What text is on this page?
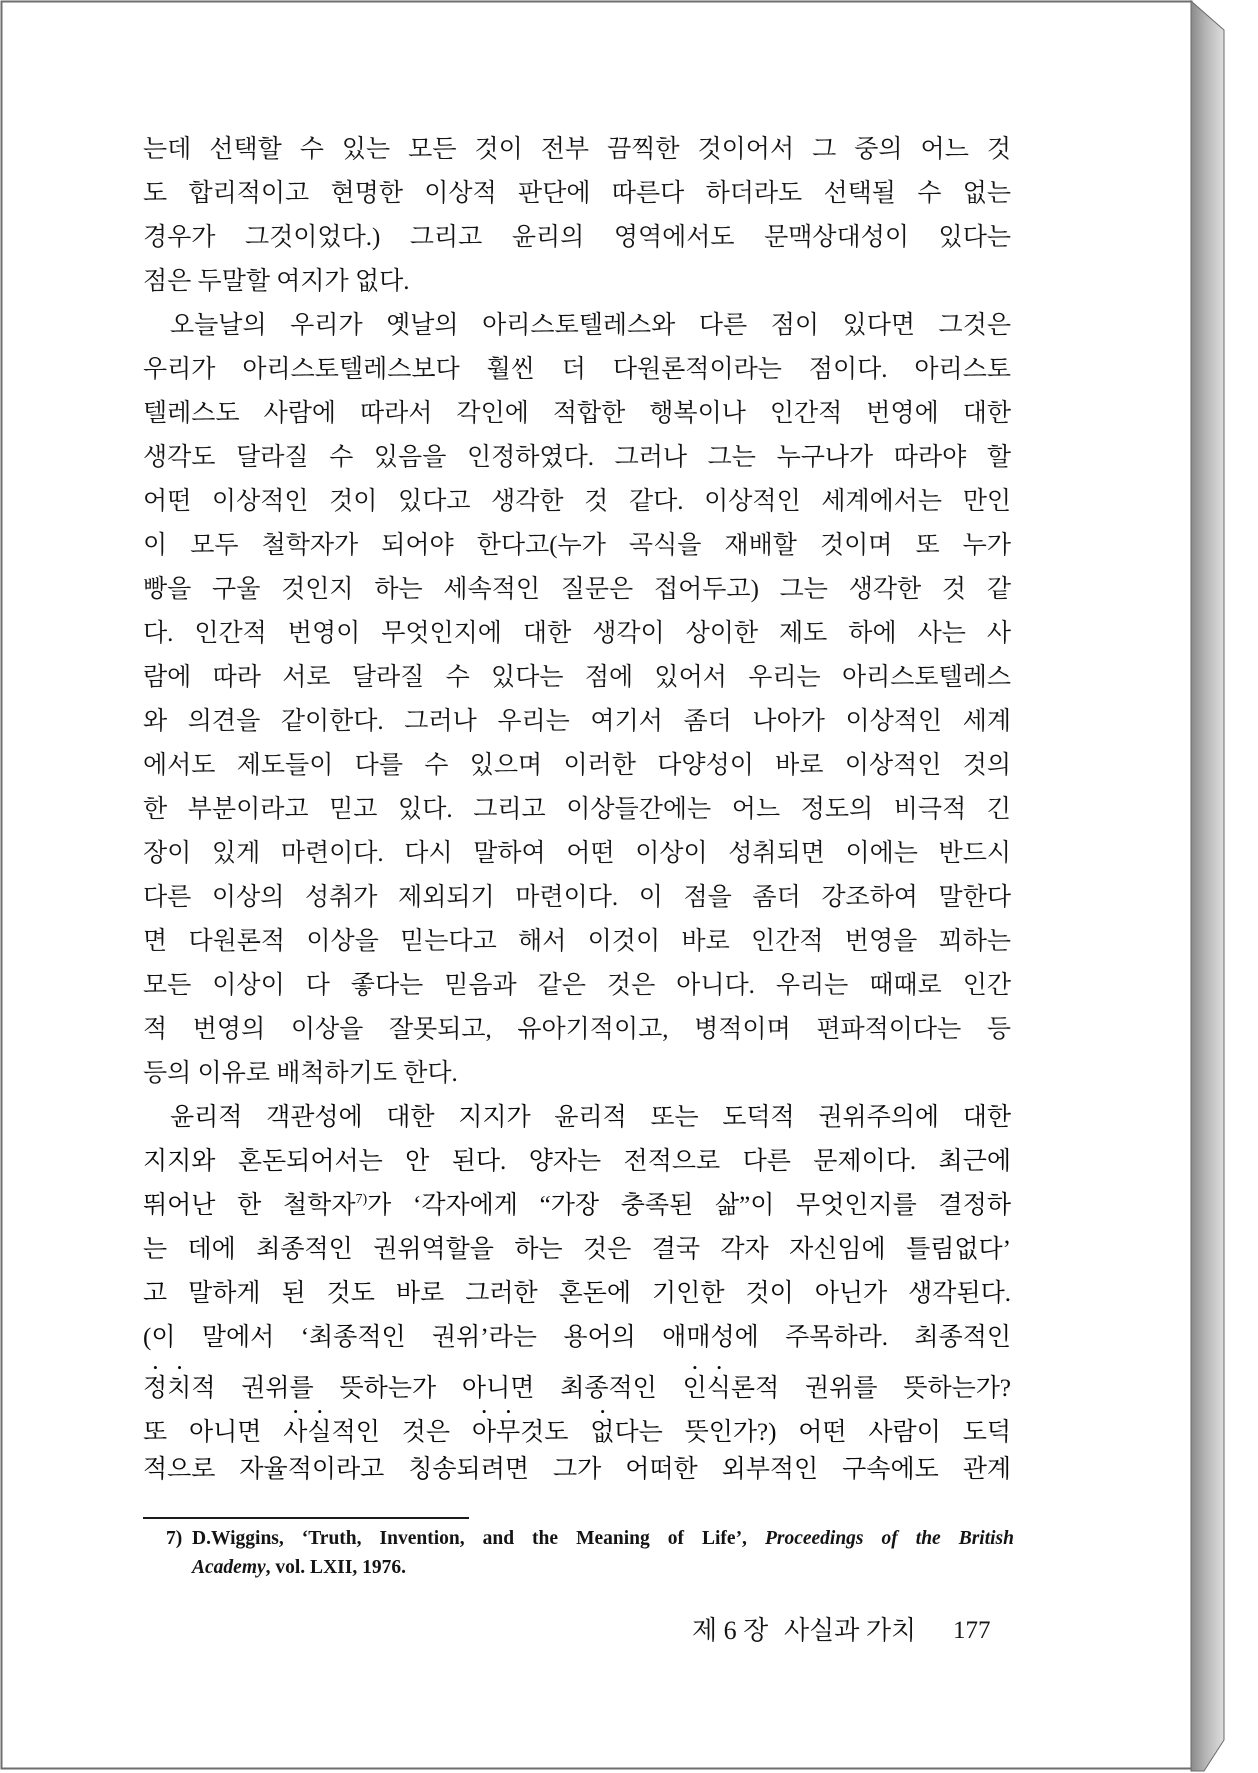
는데 선택할 수 있는 모든 것이 전부 끔찍한 것이어서 그 중의 어느 것
도 합리적이고 현명한 이상적 판단에 따른다 하더라도 선택될 수 없는
경우가 그것이었다.) 그리고 윤리의 영역에서도 문맥상대성이 있다는
점은 두말할 여지가 없다.
오늘날의 우리가 옛날의 아리스토텔레스와 다른 점이 있다면 그것은
우리가 아리스토텔레스보다 훨씬 더 다원론적이라는 점이다. 아리스토
텔레스도 사람에 따라서 각인에 적합한 행복이나 인간적 번영에 대한
생각도 달라질 수 있음을 인정하였다. 그러나 그는 누구나가 따라야 할
어떤 이상적인 것이 있다고 생각한 것 같다. 이상적인 세계에서는 만인
이 모두 철학자가 되어야 한다고(누가 곡식을 재배할 것이며 또 누가
빵을 구울 것인지 하는 세속적인 질문은 접어두고) 그는 생각한 것 같
다. 인간적 번영이 무엇인지에 대한 생각이 상이한 제도 하에 사는 사
람에 따라 서로 달라질 수 있다는 점에 있어서 우리는 아리스토텔레스
와 의견을 같이한다. 그러나 우리는 여기서 좀더 나아가 이상적인 세계
에서도 제도들이 다를 수 있으며 이러한 다양성이 바로 이상적인 것의
한 부분이라고 믿고 있다. 그리고 이상들간에는 어느 정도의 비극적 긴
장이 있게 마련이다. 다시 말하여 어떤 이상이 성취되면 이에는 반드시
다른 이상의 성취가 제외되기 마련이다. 이 점을 좀더 강조하여 말한다
면 다원론적 이상을 믿는다고 해서 이것이 바로 인간적 번영을 꾀하는
모든 이상이 다 좋다는 믿음과 같은 것은 아니다. 우리는 때때로 인간
적 번영의 이상을 잘못되고, 유아기적이고, 병적이며 편파적이다는 등
등의 이유로 배척하기도 한다.
윤리적 객관성에 대한 지지가 윤리적 또는 도덕적 권위주의에 대한
지지와 혼돈되어서는 안 된다. 양자는 전적으로 다른 문제이다. 최근에
뛰어난 한 철학자$^{7)}$가 ‘각자에게 “가장 충족된 삶”이 무엇인지를 결정하
는 데에 최종적인 권위역할을 하는 것은 결국 각자 자신임에 틀림없다’
고 말하게 된 것도 바로 그러한 혼돈에 기인한 것이 아닌가 생각된다.
(이 말에서 ‘최종적인 권위’라는 용어의 애매성에 주목하라. 최종적인
정치적 권위를 뜻하는가 아니면 최종적인 인식론적 권위를 뜻하는가?
또 아니면 사실적인 것은 아무것도 없다는 뜻인가?) 어떤 사람이 도덕
적으로 자율적이라고 칭송되려면 그가 어떠한 외부적인 구속에도 관계
7) D.Wiggins, ‘Truth, Invention, and the Meaning of Life’, Proceedings of the British
Academy, vol. LXII, 1976.
제 6 장 사실과 가치 177
